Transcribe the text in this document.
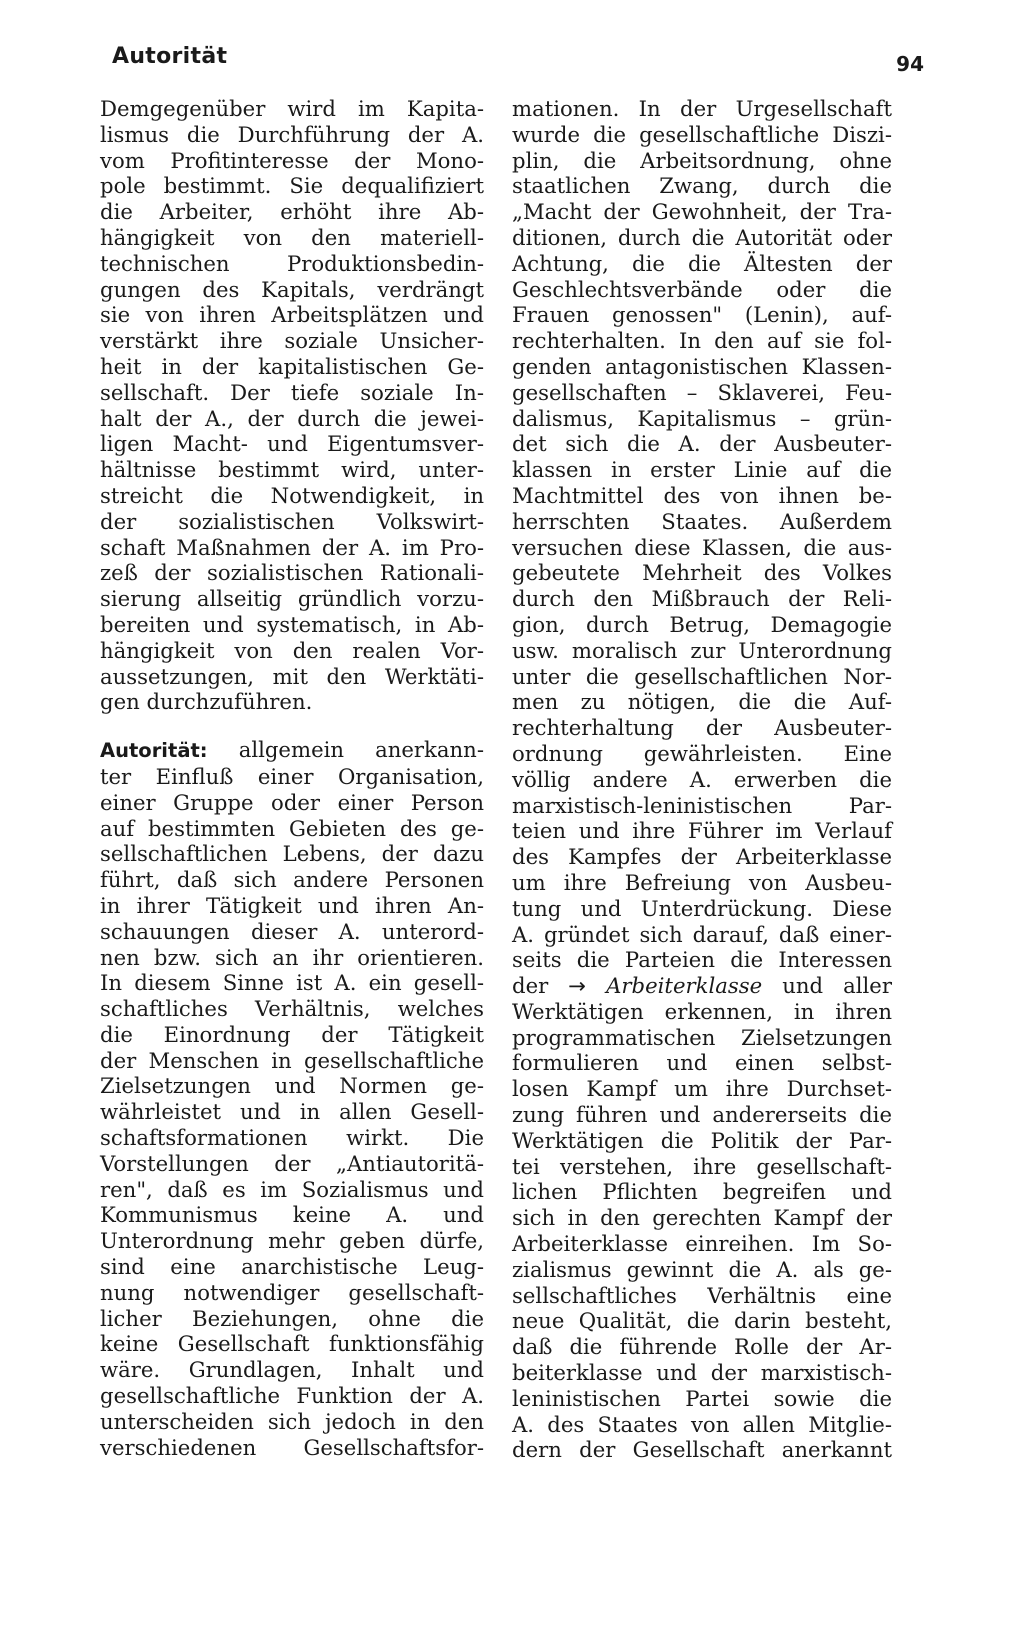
Autorität	94

Demgegenüber wird im Kapita-
lismus die Durchführung der A.
vom Profitinteresse der Mono-
pole bestimmt. Sie dequalifiziert
die Arbeiter, erhöht ihre Ab-
hängigkeit von den materiell-
technischen Produktionsbedin-
gungen des Kapitals, verdrängt
sie von ihren Arbeitsplätzen und
verstärkt ihre soziale Unsicher-
heit in der kapitalistischen Ge-
sellschaft. Der tiefe soziale In-
halt der A., der durch die jewei-
ligen Macht- und Eigentumsver-
hältnisse bestimmt wird, unter-
streicht die Notwendigkeit, in
der sozialistischen Volkswirt-
schaft Maßnahmen der A. im Pro-
zeß der sozialistischen Rationali-
sierung allseitig gründlich vorzu-
bereiten und systematisch, in Ab-
hängigkeit von den realen Vor-
aussetzungen, mit den Werktäti-
gen durchzuführen.

Autorität: allgemein anerkann-
ter Einfluß einer Organisation,
einer Gruppe oder einer Person
auf bestimmten Gebieten des ge-
sellschaftlichen Lebens, der dazu
führt, daß sich andere Personen
in ihrer Tätigkeit und ihren An-
schauungen dieser A. unterord-
nen bzw. sich an ihr orientieren.
In diesem Sinne ist A. ein gesell-
schaftliches Verhältnis, welches
die Einordnung der Tätigkeit
der Menschen in gesellschaftliche
Zielsetzungen und Normen ge-
währleistet und in allen Gesell-
schaftsformationen wirkt. Die
Vorstellungen der „Antiautoritä-
ren", daß es im Sozialismus und
Kommunismus keine A. und
Unterordnung mehr geben dürfe,
sind eine anarchistische Leug-
nung notwendiger gesellschaft-
licher Beziehungen, ohne die
keine Gesellschaft funktionsfähig
wäre. Grundlagen, Inhalt und
gesellschaftliche Funktion der A.
unterscheiden sich jedoch in den
verschiedenen Gesellschaftsfor-

mationen. In der Urgesellschaft
wurde die gesellschaftliche Diszi-
plin, die Arbeitsordnung, ohne
staatlichen Zwang, durch die
„Macht der Gewohnheit, der Tra-
ditionen, durch die Autorität oder
Achtung, die die Ältesten der
Geschlechtsverbände oder die
Frauen genossen" (Lenin), auf-
rechterhalten. In den auf sie fol-
genden antagonistischen Klassen-
gesellschaften – Sklaverei, Feu-
dalismus, Kapitalismus – grün-
det sich die A. der Ausbeuter-
klassen in erster Linie auf die
Machtmittel des von ihnen be-
herrschten Staates. Außerdem
versuchen diese Klassen, die aus-
gebeutete Mehrheit des Volkes
durch den Mißbrauch der Reli-
gion, durch Betrug, Demagogie
usw. moralisch zur Unterordnung
unter die gesellschaftlichen Nor-
men zu nötigen, die die Auf-
rechterhaltung der Ausbeuter-
ordnung gewährleisten. Eine
völlig andere A. erwerben die
marxistisch-leninistischen Par-
teien und ihre Führer im Verlauf
des Kampfes der Arbeiterklasse
um ihre Befreiung von Ausbeu-
tung und Unterdrückung. Diese
A. gründet sich darauf, daß einer-
seits die Parteien die Interessen
der → Arbeiterklasse und aller
Werktätigen erkennen, in ihren
programmatischen Zielsetzungen
formulieren und einen selbst-
losen Kampf um ihre Durchset-
zung führen und andererseits die
Werktätigen die Politik der Par-
tei verstehen, ihre gesellschaft-
lichen Pflichten begreifen und
sich in den gerechten Kampf der
Arbeiterklasse einreihen. Im So-
zialismus gewinnt die A. als ge-
sellschaftliches Verhältnis eine
neue Qualität, die darin besteht,
daß die führende Rolle der Ar-
beiterklasse und der marxistisch-
leninistischen Partei sowie die
A. des Staates von allen Mitglie-
dern der Gesellschaft anerkannt
